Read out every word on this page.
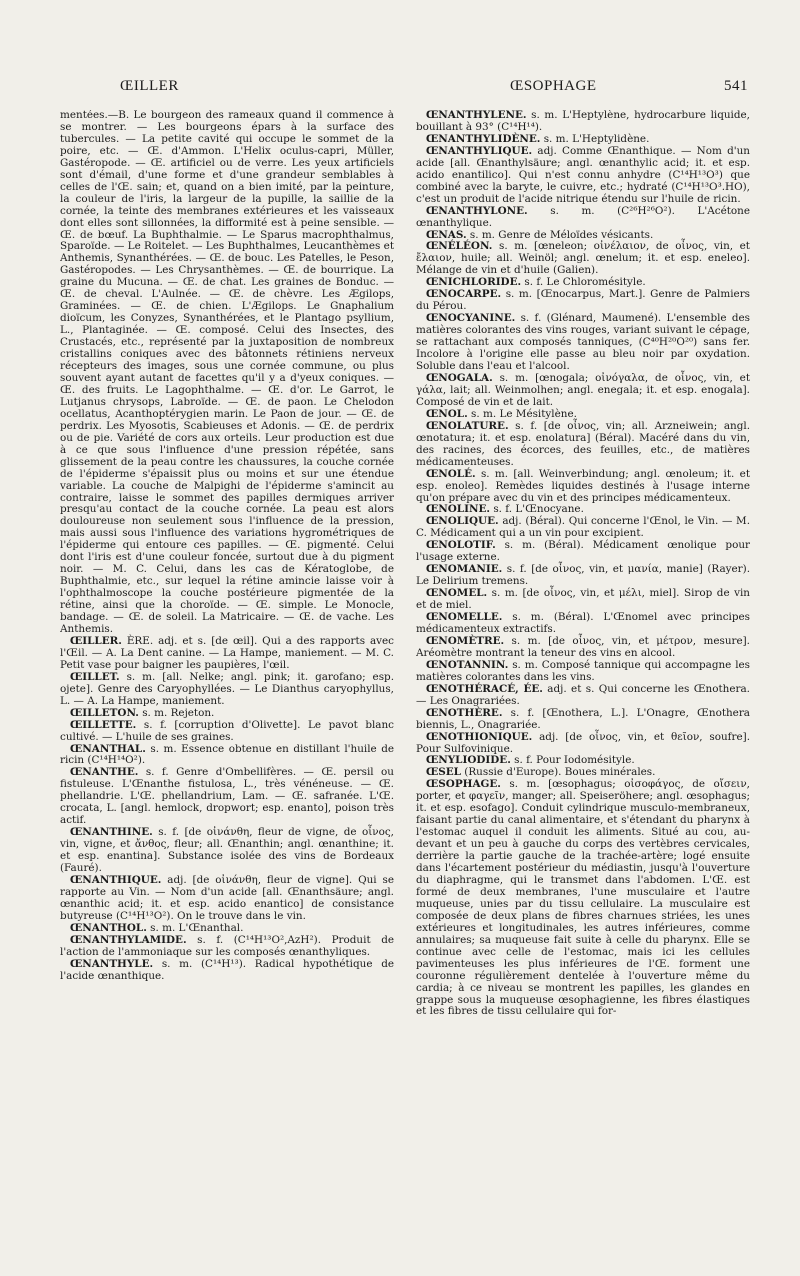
ŒILLER	ŒSOPHAGE	541

mentées.—B. Le bourgeon des rameaux quand il commence à se montrer. — Les bourgeons épars à la surface des tubercules. — La petite cavité qui occupe le sommet de la poire, etc. — Œ. d'Ammon. L'Helix oculus-capri, Müller, Gastéropode. — Œ. artificiel ou de verre. Les yeux artificiels sont d'émail, d'une forme et d'une grandeur semblables à celles de l'Œ. sain; et, quand on a bien imité, par la peinture, la couleur de l'iris, la largeur de la pupille, la saillie de la cornée, la teinte des membranes extérieures et les vaisseaux dont elles sont sillonnées, la difformité est à peine sensible. — Œ. de bœuf. La Buphthalmie. — Le Sparus macrophthalmus, Sparoïde. — Le Roitelet. — Les Buphthalmes, Leucanthèmes et Anthemis, Synanthérées. — Œ. de bouc. Les Patelles, le Peson, Gastéropodes. — Les Chrysanthèmes. — Œ. de bourrique. La graine du Mucuna. — Œ. de chat. Les graines de Bonduc. — Œ. de cheval. L'Aulnée. — Œ. de chèvre. Les Ægilops, Graminées. — Œ. de chien. L'Ægilops. Le Gnaphalium dioïcum, les Conyzes, Synanthérées, et le Plantago psyllium, L., Plantaginée. — Œ. composé. Celui des Insectes, des Crustacés, etc., représenté par la juxtaposition de nombreux cristallins coniques avec des bâtonnets rétiniens nerveux récepteurs des images, sous une cornée commune, ou plus souvent ayant autant de facettes qu'il y a d'yeux coniques. — Œ. des fruits. Le Lagophthalme. — Œ. d'or. Le Garrot, le Lutjanus chrysops, Labroïde. — Œ. de paon. Le Chelodon ocellatus, Acanthoptérygien marin. Le Paon de jour. — Œ. de perdrix. Les Myosotis, Scabieuses et Adonis. — Œ. de perdrix ou de pie. Variété de cors aux orteils. Leur production est due à ce que sous l'influence d'une pression répétée, sans glissement de la peau contre les chaussures, la couche cornée de l'épiderme s'épaissit plus ou moins et sur une étendue variable. La couche de Malpighi de l'épiderme s'amincit au contraire, laisse le sommet des papilles dermiques arriver presqu'au contact de la couche cornée. La peau est alors douloureuse non seulement sous l'influence de la pression, mais aussi sous l'influence des variations hygrométriques de l'épiderme qui entoure ces papilles. — Œ. pigmenté. Celui dont l'iris est d'une couleur foncée, surtout due à du pigment noir. — M. C. Celui, dans les cas de Kératoglobe, de Buphthalmie, etc., sur lequel la rétine amincie laisse voir à l'ophthalmoscope la couche postérieure pigmentée de la rétine, ainsi que la choroïde. — Œ. simple. Le Monocle, bandage. — Œ. de soleil. La Matricaire. — Œ. de vache. Les Anthemis.

ŒILLER. ÈRE. adj. et s. [de œil]. Qui a des rapports avec l'Œil. — A. La Dent canine. — La Hampe, maniement. — M. C. Petit vase pour baigner les paupières, l'œil.

ŒILLET. s. m. [all. Nelke; angl. pink; it. garofano; esp. ojete]. Genre des Caryophyllées. — Le Dianthus caryophyllus, L. — A. La Hampe, maniement.

ŒILLETON. s. m. Rejeton.

ŒILLETTE. s. f. [corruption d'Olivette]. Le pavot blanc cultivé. — L'huile de ses graines.

ŒNANTHAL. s. m. Essence obtenue en distillant l'huile de ricin (C¹⁴H¹⁴O²).

ŒNANTHE. s. f. Genre d'Ombellifères. — Œ. persil ou fistuleuse. L'Œnanthe fistulosa, L., très vénéneuse. — Œ. phellandrie. L'Œ. phellandrium, Lam. — Œ. safranée. L'Œ. crocata, L. [angl. hemlock, dropwort; esp. enanto], poison très actif.

ŒNANTHINE. s. f. [de οἰνάνθη, fleur de vigne, de οἶνος, vin, vigne, et ἄνθος, fleur; all. Œnanthin; angl. œnanthine; it. et esp. enantina]. Substance isolée des vins de Bordeaux (Fauré).

ŒNANTHIQUE. adj. [de οἰνάνθη, fleur de vigne]. Qui se rapporte au Vin. — Nom d'un acide [all. Œnanthsäure; angl. œnanthic acid; it. et esp. acido enantico] de consistance butyreuse (C¹⁴H¹³O²). On le trouve dans le vin.

ŒNANTHOL. s. m. L'Œnanthal.

ŒNANTHYLAMIDE. s. f. (C¹⁴H¹³O²,AzH²). Produit de l'action de l'ammoniaque sur les composés œnanthyliques.

ŒNANTHYLE. s. m. (C¹⁴H¹³). Radical hypothétique de l'acide œnanthique.

ŒNANTHYLÈNE. s. m. L'Heptylène, hydrocarbure liquide, bouillant à 93° (C¹⁴H¹⁴).

ŒNANTHYLIDÈNE. s. m. L'Heptylidène.

ŒNANTHYLIQUE. adj. Comme Œnanthique. — Nom d'un acide [all. Œnanthylsäure; angl. œnanthylic acid; it. et esp. acido enantilico]. Qui n'est connu anhydre (C¹⁴H¹³O³) que combiné avec la baryte, le cuivre, etc.; hydraté (C¹⁴H¹³O³.HO), c'est un produit de l'acide nitrique étendu sur l'huile de ricin.

ŒNANTHYLONE. s. m. (C²⁶H²⁶O²). L'Acétone œnanthylique.

ŒNAS. s. m. Genre de Méloïdes vésicants.

ŒNÉLÉON. s. m. [œneleon; οἰνέλαιον, de οἶνος, vin, et ἔλαιον, huile; all. Weinöl; angl. œnelum; it. et esp. eneleo]. Mélange de vin et d'huile (Galien).

ŒNICHLORIDE. s. f. Le Chloromésityle.

ŒNOCARPE. s. m. [Œnocarpus, Mart.]. Genre de Palmiers du Pérou.

ŒNOCYANINE. s. f. (Glénard, Maumené). L'ensemble des matières colorantes des vins rouges, variant suivant le cépage, se rattachant aux composés tanniques, (C⁴⁰H²⁰O²⁰) sans fer. Incolore à l'origine elle passe au bleu noir par oxydation. Soluble dans l'eau et l'alcool.

ŒNOGALA. s. m. [œnogala; οἰνόγαλα, de οἶνος, vin, et γάλα, lait; all. Weinmolhen; angl. enegala; it. et esp. enogala]. Composé de vin et de lait.

ŒNOL. s. m. Le Mésitylène.

ŒNOLATURE. s. f. [de οἶνος, vin; all. Arzneiwein; angl. œnotatura; it. et esp. enolatura] (Béral). Macéré dans du vin, des racines, des écorces, des feuilles, etc., de matières médicamenteuses.

ŒNOLÉ. s. m. [all. Weinverbindung; angl. œnoleum; it. et esp. enoleo]. Remèdes liquides destinés à l'usage interne qu'on prépare avec du vin et des principes médicamenteux.

ŒNOLINE. s. f. L'Œnocyane.

ŒNOLIQUE. adj. (Béral). Qui concerne l'Œnol, le Vin. — M. C. Médicament qui a un vin pour excipient.

ŒNOLOTIF. s. m. (Béral). Médicament œnolique pour l'usage externe.

ŒNOMANIE. s. f. [de οἶνος, vin, et μανία, manie] (Rayer). Le Delirium tremens.

ŒNOMEL. s. m. [de οἶνος, vin, et μέλι, miel]. Sirop de vin et de miel.

ŒNOMELLE. s. m. (Béral). L'Œnomel avec principes médicamenteux extractifs.

ŒNOMÈTRE. s. m. [de οἶνος, vin, et μέτρον, mesure]. Aréomètre montrant la teneur des vins en alcool.

ŒNOTANNIN. s. m. Composé tannique qui accompagne les matières colorantes dans les vins.

ŒNOTHÉRACÉ, ÉE. adj. et s. Qui concerne les Œnothera. — Les Onagrariées.

ŒNOTHÈRE. s. f. [Œnothera, L.]. L'Onagre, Œnothera biennis, L., Onagrariée.

ŒNOTHIONIQUE. adj. [de οἶνος, vin, et θεῖον, soufre]. Pour Sulfovinique.

ŒNYLIODIDE. s. f. Pour Iodomésityle.

ŒSEL (Russie d'Europe). Boues minérales.

ŒSOPHAGE. s. m. [œsophagus; οἰσοφάγος, de οἴσειν, porter, et φαγεῖν, manger; all. Speiseröhere; angl. œsophagus; it. et esp. esofago]. Conduit cylindrique musculo-membraneux, faisant partie du canal alimentaire, et s'étendant du pharynx à l'estomac auquel il conduit les aliments. Situé au cou, au-devant et un peu à gauche du corps des vertèbres cervicales, derrière la partie gauche de la trachée-artère; logé ensuite dans l'écartement postérieur du médiastin, jusqu'à l'ouverture du diaphragme, qui le transmet dans l'abdomen. L'Œ. est formé de deux membranes, l'une musculaire et l'autre muqueuse, unies par du tissu cellulaire. La musculaire est composée de deux plans de fibres charnues striées, les unes extérieures et longitudinales, les autres inférieures, comme annulaires; sa muqueuse fait suite à celle du pharynx. Elle se continue avec celle de l'estomac, mais ici les cellules pavimenteuses les plus inférieures de l'Œ. forment une couronne régulièrement dentelée à l'ouverture même du cardia; à ce niveau se montrent les papilles, les glandes en grappe sous la muqueuse œsophagienne, les fibres élastiques et les fibres de tissu cellulaire qui for-
